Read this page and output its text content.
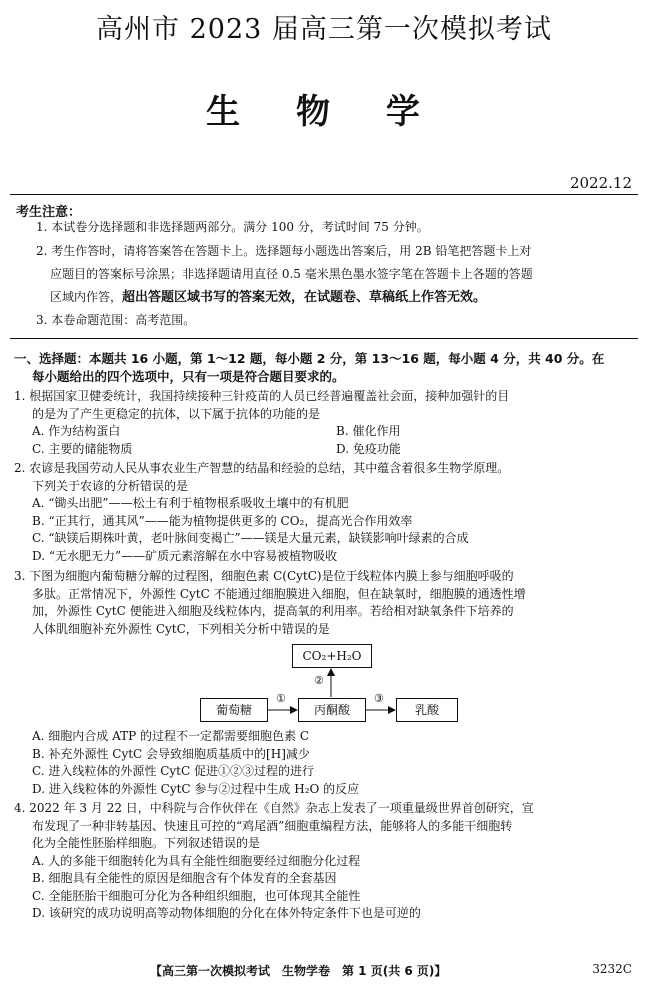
高州市 2023 届高三第一次模拟考试
生 物 学
2022.12
考生注意：
1. 本试卷分选择题和非选择题两部分。满分 100 分，考试时间 75 分钟。
2. 考生作答时，请将答案答在答题卡上。选择题每小题选出答案后，用 2B 铅笔把答题卡上对
应题目的答案标号涂黑；非选择题请用直径 0.5 毫米黑色墨水签字笔在答题卡上各题的答题
区域内作答，超出答题区域书写的答案无效，在试题卷、草稿纸上作答无效。
3. 本卷命题范围：高考范围。
一、选择题：本题共 16 小题，第 1～12 题，每小题 2 分，第 13～16 题，每小题 4 分，共 40 分。在
每小题给出的四个选项中，只有一项是符合题目要求的。

1. 根据国家卫健委统计，我国持续接种三针疫苗的人员已经普遍覆盖社会面，接种加强针的目

的是为了产生更稳定的抗体，以下属于抗体的功能的是

A. 作为结构蛋白	B. 催化作用
C. 主要的储能物质	D. 免疫功能

2. 农谚是我国劳动人民从事农业生产智慧的结晶和经验的总结，其中蕴含着很多生物学原理。

下列关于农谚的分析错误的是

A. “锄头出肥”——松土有利于植物根系吸收土壤中的有机肥

B. “正其行，通其风”——能为植物提供更多的 CO₂，提高光合作用效率

C. “缺镁后期株叶黄，老叶脉间变褐亡”——镁是大量元素，缺镁影响叶绿素的合成

D. “无水肥无力”——矿质元素溶解在水中容易被植物吸收

3. 下图为细胞内葡萄糖分解的过程图，细胞色素 C(CytC)是位于线粒体内膜上参与细胞呼吸的

多肽。正常情况下，外源性 CytC 不能通过细胞膜进入细胞，但在缺氧时，细胞膜的通透性增

加，外源性 CytC 便能进入细胞及线粒体内，提高氧的利用率。若给相对缺氧条件下培养的

人体肌细胞补充外源性 CytC，下列相关分析中错误的是

CO₂+H₂O
葡萄糖	丙酮酸	乳酸
①
②
③

A. 细胞内合成 ATP 的过程不一定都需要细胞色素 C

B. 补充外源性 CytC 会导致细胞质基质中的[H]减少

C. 进入线粒体的外源性 CytC 促进①②③过程的进行

D. 进入线粒体的外源性 CytC 参与②过程中生成 H₂O 的反应

4. 2022 年 3 月 22 日，中科院与合作伙伴在《自然》杂志上发表了一项重量级世界首创研究，宣

布发现了一种非转基因、快速且可控的“鸡尾酒”细胞重编程方法，能够将人的多能干细胞转

化为全能性胚胎样细胞。下列叙述错误的是

A. 人的多能干细胞转化为具有全能性细胞要经过细胞分化过程

B. 细胞具有全能性的原因是细胞含有个体发育的全套基因

C. 全能胚胎干细胞可分化为各种组织细胞，也可体现其全能性

D. 该研究的成功说明高等动物体细胞的分化在体外特定条件下也是可逆的

【高三第一次模拟考试　生物学卷　第 1 页(共 6 页)】	3232C
